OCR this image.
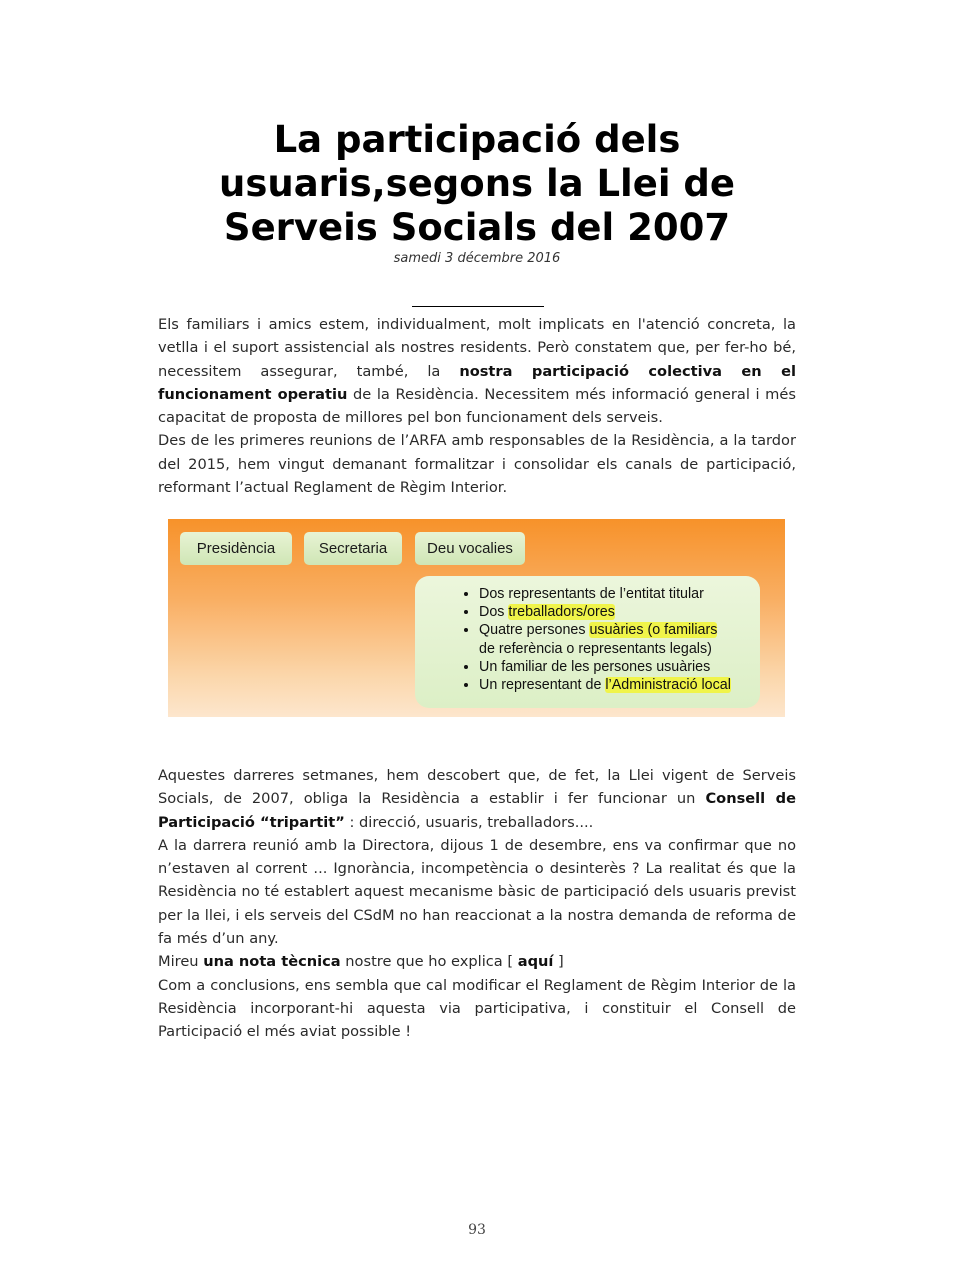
La participació dels
usuaris,segons la Llei de
Serveis Socials del 2007
samedi 3 décembre 2016

Els familiars i amics estem, individualment, molt implicats en l'atenció concreta, la vetlla i el suport assistencial als nostres residents. Però constatem que, per fer-ho bé, necessitem assegurar, també, la nostra participació colectiva en el funcionament operatiu de la Residència. Necessitem més informació general i més capacitat de proposta de millores pel bon funcionament dels serveis.

Des de les primeres reunions de l’ARFA amb responsables de la Residència, a la tardor del 2015, hem vingut demanant formalitzar i consolidar els canals de participació, reformant l’actual Reglament de Règim Interior.

Presidència	Secretaria	Deu vocalies
• Dos representants de l’entitat titular
• Dos treballadors/ores
• Quatre persones usuàries (o familiars
de referència o representants legals)
• Un familiar de les persones usuàries
• Un representant de l’Administració local

Aquestes darreres setmanes, hem descobert que, de fet, la Llei vigent de Serveis Socials, de 2007, obliga la Residència a establir i fer funcionar un Consell de Participació “tripartit” : direcció, usuaris, treballadors....

A la darrera reunió amb la Directora, dijous 1 de desembre, ens va confirmar que no n’estaven al corrent ... Ignorància, incompetència o desinterès ? La realitat és que la Residència no té establert aquest mecanisme bàsic de participació dels usuaris previst per la llei, i els serveis del CSdM no han reaccionat a la nostra demanda de reforma de fa més d’un any.

Mireu una nota tècnica nostre que ho explica [ aquí ]

Com a conclusions, ens sembla que cal modificar el Reglament de Règim Interior de la Residència incorporant-hi aquesta via participativa, i constituir el Consell de Participació el més aviat possible !

93
